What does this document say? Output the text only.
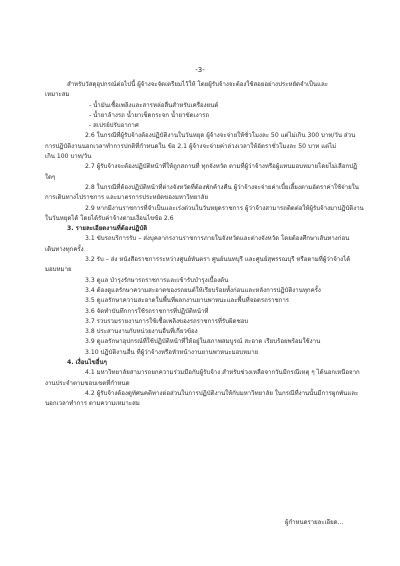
-3-

สำหรับวัสดุอุปกรณ์ต่อไปนี้ ผู้จ้างจะจัดเตรียมไว้ให้ โดยผู้รับจ้างจะต้องใช้สอยอย่างประหยัดจำเป็นและ

เหมาะสม

- น้ำมันเชื้อเพลิงและสารหล่อลื่นสำหรับเครื่องยนต์

- น้ำยาล้างรถ น้ำยาเช็ดกระจก น้ำยาขัดเงารถ

- สเปรย์ปรับอากาศ

2.6 ในกรณีที่ผู้รับจ้างต้องปฏิบัติงานในวันหยุด ผู้จ้างจะจ่ายให้ชั่วโมงละ 50 แต่ไม่เกิน 300 บาท/วัน ส่วน

การปฏิบัติงานนอกเวลาทำการปกติที่กำหนดใน ข้อ 2.1 ผู้จ้างจะจ่ายค่าล่วงเวลาให้อัตราชั่วโมงละ 50 บาท แต่ไม่

เกิน 100 บาท/วัน

2.7 ผู้รับจ้างจะต้องปฏิบัติหน้าที่ให้ถูกสถานที่ ทุกจังหวัด ตามที่ผู้ว่าจ้างหรือผู้แทนมอบหมายโดยไม่เลือกปฏิ

ใดๆ

2.8 ในกรณีที่ต้องปฏิบัติหน้าที่ต่างจังหวัดที่ต้องพักค้างคืน ผู้ว่าจ้างจะจ่ายค่าเบี้ยเลี้ยงตามอัตราค่าใช้จ่ายใน

การเดินทางไปราชการ และมาตรการประหยัดของมหาวิทยาลัย

2.9 หากมีงานราชการที่จำเป็นและเร่งด่วนในวันหยุดราชการ ผู้ว่าจ้างสามารถติดต่อให้ผู้รับจ้างมาปฏิบัติงาน

ในวันหยุดได้ โดยได้รับค่าจ้างตามเงื่อนไขข้อ 2.6

3. รายละเอียดงานที่ต้องปฏิบัติ

3.1 ขับรถบริการรับ – ส่งบุคลากรงานราชการภายในจังหวัดและต่างจังหวัด โดยต้องศึกษาเส้นทางก่อน

เดินทางทุกครั้ง

3.2 รับ – ส่ง หนังสือราชการระหว่างศูนย์หันตรา ศูนย์นนทบุรี และศูนย์สุพรรณบุรี หรือตามที่ผู้ว่าจ้างได้

มอบหมาย

3.3 ดูแล บำรุงรักษารถราชการและเข้ารับบำรุงเบื้องต้น

3.4 ต้องดูแลรักษาความสะอาดของรถยนต์ให้เรียบร้อยทั้งก่อนและหลังการปฏิบัติงานทุกครั้ง

3.5 ดูแลรักษาความสะอาดในพื้นที่ผลกงานยานพาหนะและพื้นที่จอดรถราชการ

3.6 จัดทำบันทึกการใช้รถราชการที่ปฏิบัติหน้าที่

3.7 รวบรวมรายงานการใช้เชื้อเพลิงของรถราชการที่รับผิดชอบ

3.8 ประสานงานกับหน่วยงานอื่นที่เกี่ยวข้อง

3.9 ดูแลรักษาอุปกรณ์ที่ใช้ปฏิบัติหน้าที่ให้อยู่ในสภาพสมบูรณ์ สะอาด เรียบร้อยพร้อมใช้งาน

3.10 ปฏิบัติงานอื่น ที่ผู้ว่าจ้างหรือหัวหน้างานยานพาหนะมอบหมาย

4. เงื่อนไขอื่นๆ

4.1 มหาวิทยาลัยสามารถยกความร่วมมือกับผู้รับจ้าง สำหรับช่วงเหลือจากวันมีกรณีเหตุ ๆ ได้นอกเหนือจาก

งานประจำตามขอบเขตที่กำหนด

4.2 ผู้รับจ้างต้องดูทัศนคติทางต่อส่วนในการปฏิบัติงานให้กับมหาวิทยาลัย ในกรณีที่งานนั้นมีการผูกพันและ

นอกเวลาทำการ ตามความเหมาะสม

ผู้กำหนดรายละเอียด...
